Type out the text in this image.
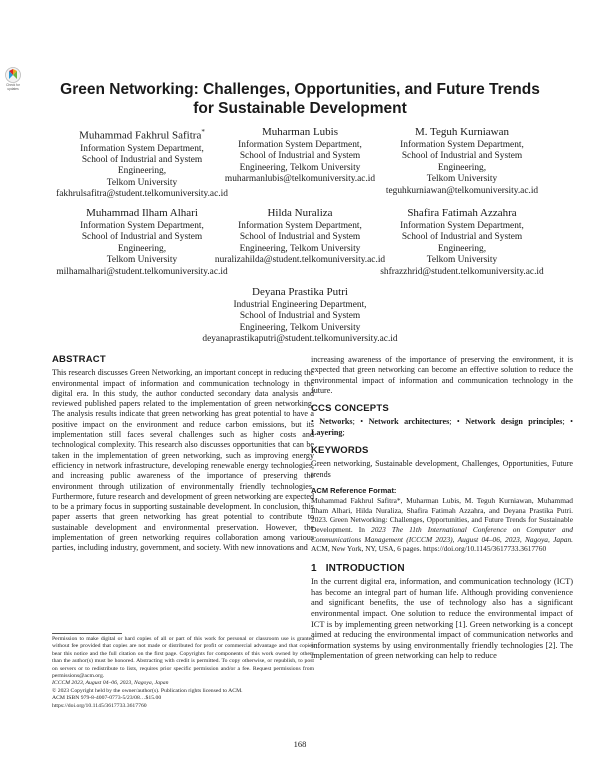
Check for updates	Green Networking: Challenges, Opportunities, and Future Trends
for Sustainable Development
Muhammad Fakhrul Safitra*
Information System Department,
School of Industrial and System
Engineering,
Telkom University
fakhrulsafitra@student.telkomuniversity.ac.id
Muharman Lubis
Information System Department,
School of Industrial and System
Engineering, Telkom University
muharmanlubis@telkomuniversity.ac.id
M. Teguh Kurniawan
Information System Department,
School of Industrial and System
Engineering,
Telkom University
teguhkurniawan@telkomuniversity.ac.id
Muhammad Ilham Alhari
Information System Department,
School of Industrial and System
Engineering,
Telkom University
milhamalhari@student.telkomuniversity.ac.id
Hilda Nuraliza
Information System Department,
School of Industrial and System
Engineering, Telkom University
nuralizahilda@student.telkomuniversity.ac.id
Shafira Fatimah Azzahra
Information System Department,
School of Industrial and System
Engineering,
Telkom University
shfrazzhrid@student.telkomuniversity.ac.id
Deyana Prastika Putri
Industrial Engineering Department,
School of Industrial and System
Engineering, Telkom University
deyanaprastikaputri@student.telkomuniversity.ac.id
ABSTRACT

This research discusses Green Networking, an important concept in reducing the environmental impact of information and communication technology in the digital era. In this study, the author conducted secondary data analysis and reviewed published papers related to the implementation of green networking. The analysis results indicate that green networking has great potential to have a positive impact on the environment and reduce carbon emissions, but its implementation still faces several challenges such as higher costs and technological complexity. This research also discusses opportunities that can be taken in the implementation of green networking, such as improving energy efficiency in network infrastructure, developing renewable energy technologies, and increasing public awareness of the importance of preserving the environment through utilization of environmentally friendly technologies. Furthermore, future research and development of green networking are expected to be a primary focus in supporting sustainable development. In conclusion, this paper asserts that green networking has great potential to contribute to sustainable development and environmental preservation. However, the implementation of green networking requires collaboration among various parties, including industry, government, and society. With new innovations and

increasing awareness of the importance of preserving the environment, it is expected that green networking can become an effective solution to reduce the environmental impact of information and communication technology in the future.

CCS CONCEPTS

• Networks; • Network architectures; • Network design principles; • Layering;

KEYWORDS

Green networking, Sustainable development, Challenges, Opportunities, Future trends

ACM Reference Format:

Muhammad Fakhrul Safitra*, Muharman Lubis, M. Teguh Kurniawan, Muhammad Ilham Alhari, Hilda Nuraliza, Shafira Fatimah Azzahra, and Deyana Prastika Putri. 2023. Green Networking: Challenges, Opportunities, and Future Trends for Sustainable Development. In 2023 The 11th International Conference on Computer and Communications Management (ICCCM 2023), August 04–06, 2023, Nagoya, Japan. ACM, New York, NY, USA, 6 pages. https://doi.org/10.1145/3617733.3617760

1   INTRODUCTION

In the current digital era, information, and communication technology (ICT) has become an integral part of human life. Although providing convenience and significant benefits, the use of technology also has a significant environmental impact. One solution to reduce the environmental impact of ICT is by implementing green networking [1]. Green networking is a concept aimed at reducing the environmental impact of communication networks and information systems by using environmentally friendly technologies [2]. The implementation of green networking can help to reduce

Permission to make digital or hard copies of all or part of this work for personal or classroom use is granted without fee provided that copies are not made or distributed for profit or commercial advantage and that copies bear this notice and the full citation on the first page. Copyrights for components of this work owned by others than the author(s) must be honored. Abstracting with credit is permitted. To copy otherwise, or republish, to post on servers or to redistribute to lists, requires prior specific permission and/or a fee. Request permissions from permissions@acm.org.

ICCCM 2023, August 04–06, 2023, Nagoya, Japan

© 2023 Copyright held by the owner/author(s). Publication rights licensed to ACM.

ACM ISBN 979-8-4007-0773-5/23/08…$15.00

https://doi.org/10.1145/3617733.3617760

168
